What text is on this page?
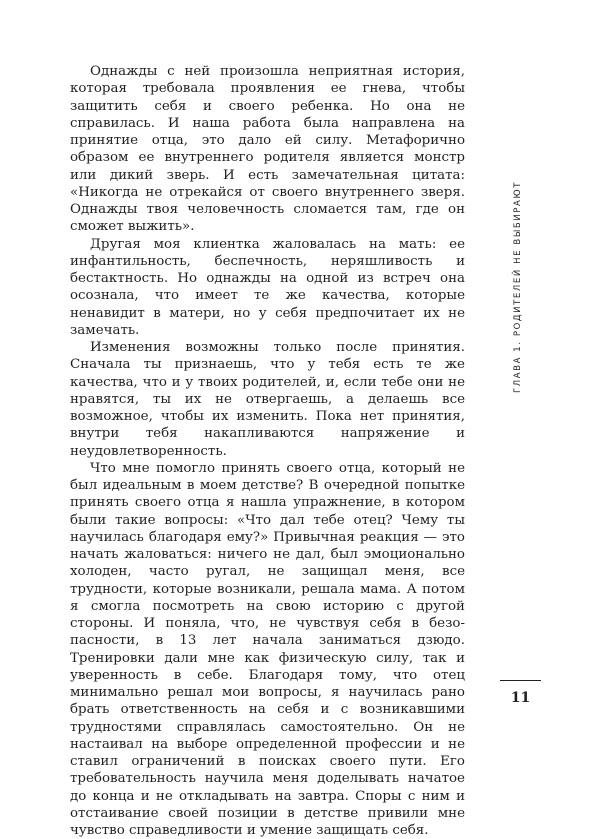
Однажды с ней произошла неприятная история, которая требовала проявления ее гнева, чтобы защитить себя и своего ребенка. Но она не справилась. И наша работа была направлена на принятие отца, это дало ей силу. Метафорично образом ее внутреннего родителя является монстр или дикий зверь. И есть замечательная цитата: «Никогда не отрекайся от своего внутреннего зверя. Однажды твоя человечность сломается там, где он сможет выжить».

Другая моя клиентка жаловалась на мать: ее инфантильность, беспечность, неряшливость и бестактность. Но однажды на одной из встреч она осознала, что имеет те же качества, которые ненавидит в матери, но у себя предпочитает их не замечать.

Изменения возможны только после принятия. Сначала ты признаешь, что у тебя есть те же качества, что и у твоих родителей, и, если тебе они не нравятся, ты их не отвергаешь, а делаешь все возможное, чтобы их изменить. Пока нет принятия, внутри тебя накапливаются напряжение и неудовлетворенность.

Что мне помогло принять своего отца, который не был идеальным в моем детстве? В очередной попытке принять своего отца я нашла упражнение, в котором были такие вопросы: «Что дал тебе отец? Чему ты научилась благодаря ему?» Привычная реакция — это начать жаловаться: ничего не дал, был эмоционально холоден, часто ругал, не защищал меня, все трудности, которые возникали, решала мама. А потом я смогла посмотреть на свою историю с другой стороны. И поняла, что, не чувствуя себя в безопасности, в 13 лет начала заниматься дзюдо. Тренировки дали мне как физическую силу, так и уверенность в себе. Благодаря тому, что отец минимально решал мои вопросы, я научилась рано брать ответственность на себя и с возникавшими трудностями справлялась самостоятельно. Он не настаивал на выборе определенной профессии и не ставил ограничений в поисках своего пути. Его требовательность научила меня доделывать начатое до конца и не откладывать на завтра. Споры с ним и отстаивание своей позиции в детстве привили мне чувство справедливости и умение защищать себя.

ГЛАВА 1. РОДИТЕЛЕЙ НЕ ВЫБИРАЮТ
11
